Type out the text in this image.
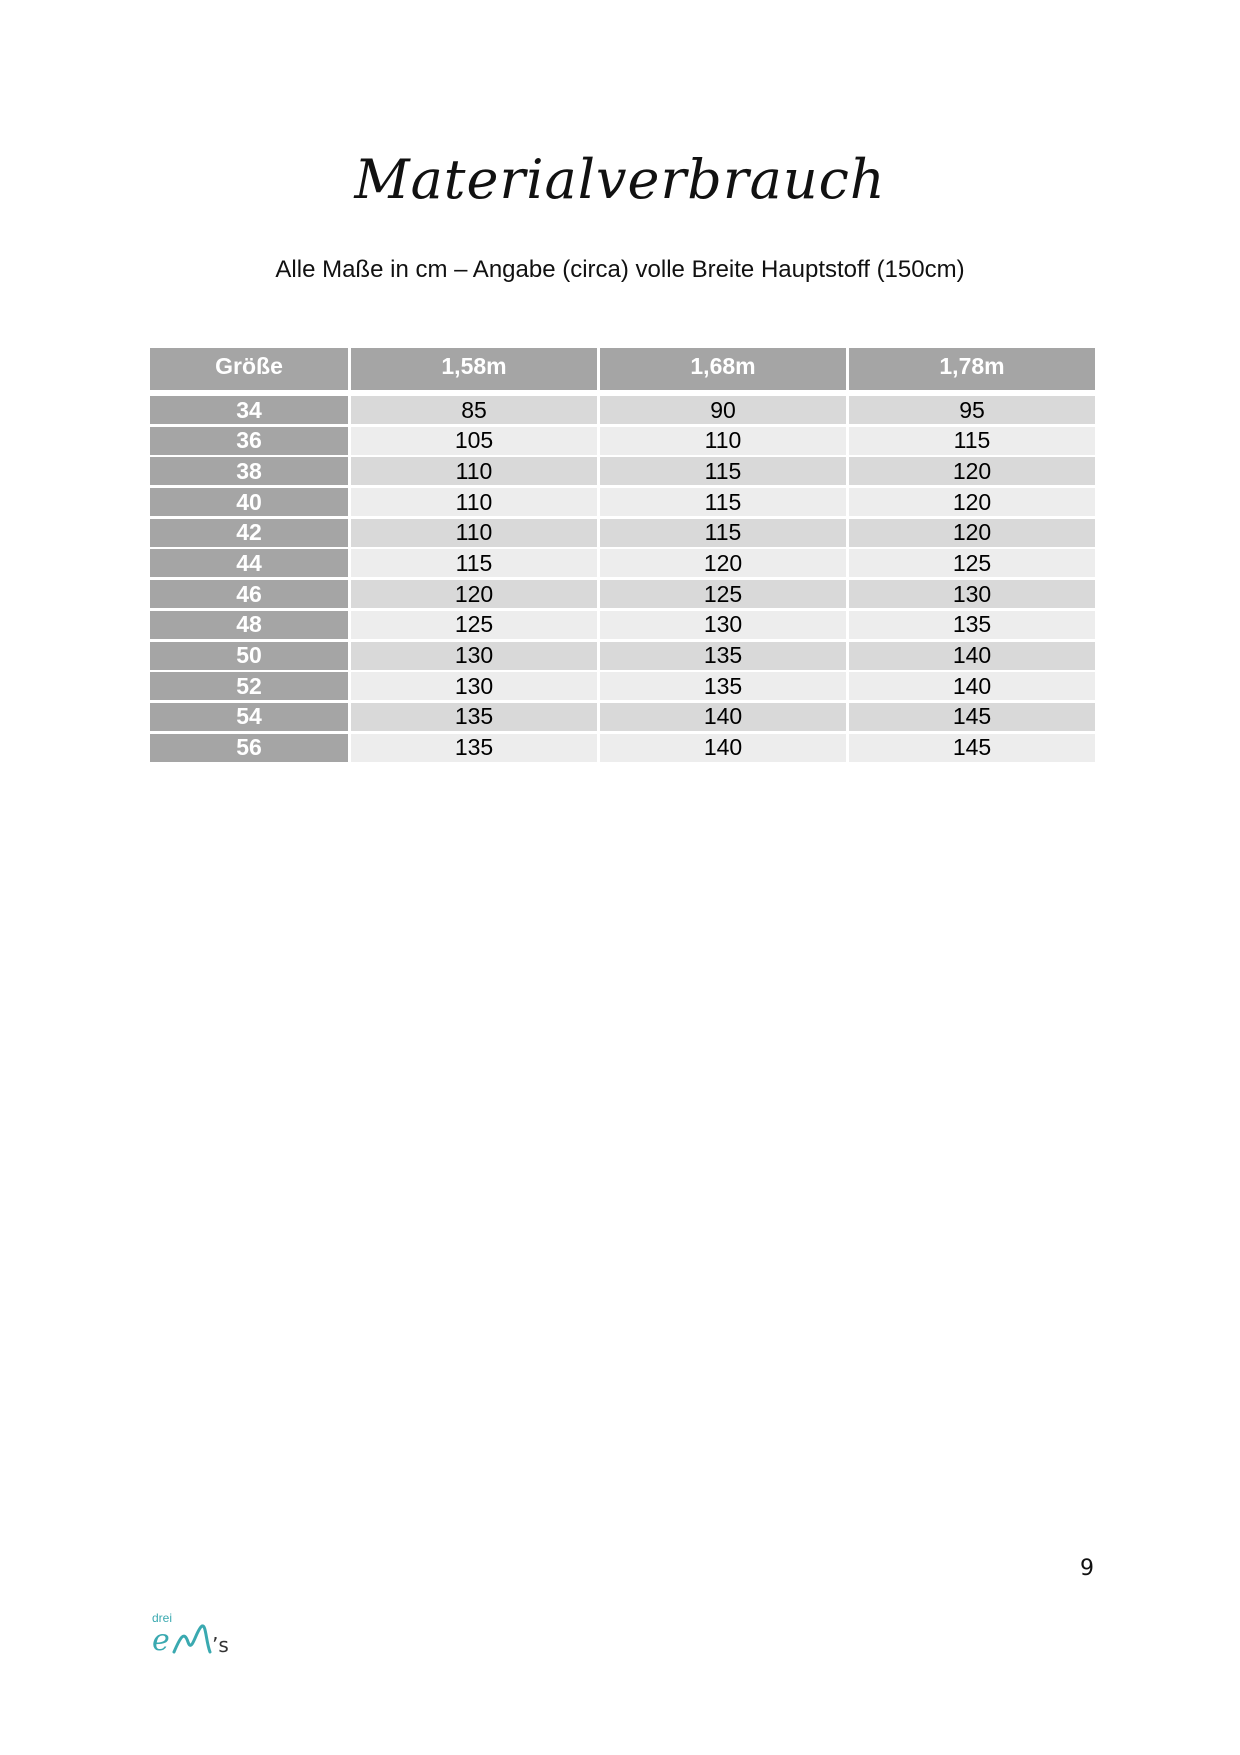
Materialverbrauch
Alle Maße in cm – Angabe (circa) volle Breite Hauptstoff (150cm)
Größe	1,58m	1,68m	1,78m
34	85	90	95
36	105	110	115
38	110	115	120
40	110	115	120
42	110	115	120
44	115	120	125
46	120	125	130
48	125	130	135
50	130	135	140
52	130	135	140
54	135	140	145
56	135	140	145
9
drei
e ’s
